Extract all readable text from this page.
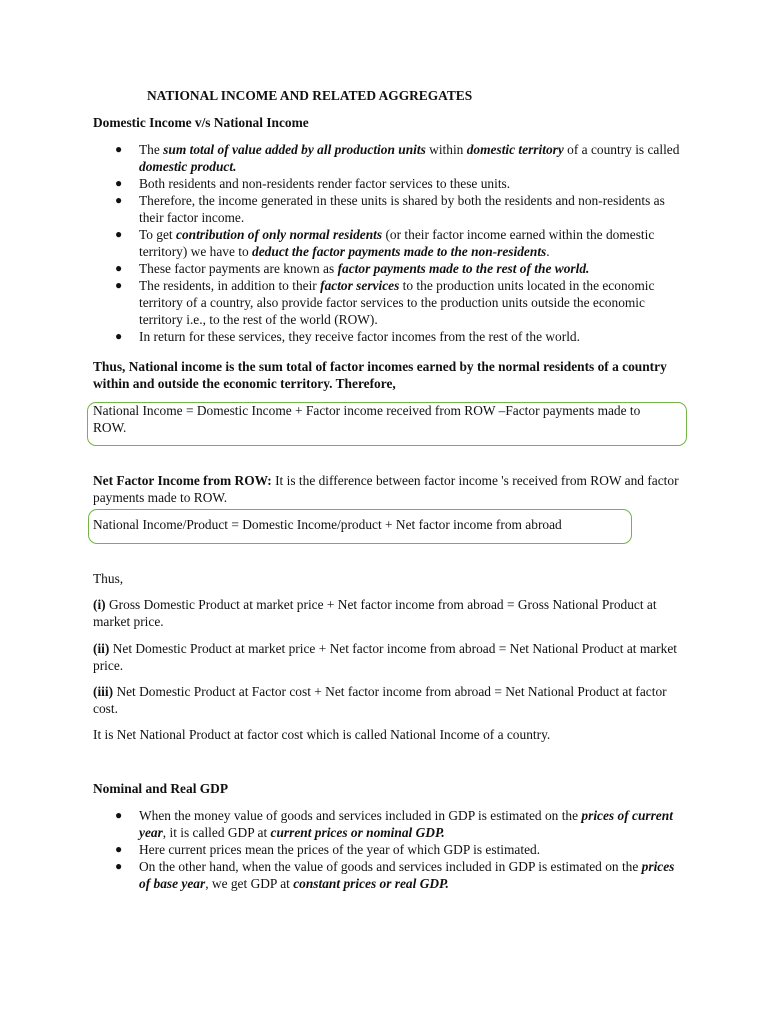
NATIONAL INCOME AND RELATED AGGREGATES
Domestic Income v/s National Income
● The sum total of value added by all production units within domestic territory of a country is called domestic product.
● Both residents and non-residents render factor services to these units.
● Therefore, the income generated in these units is shared by both the residents and non-residents as their factor income.
● To get contribution of only normal residents (or their factor income earned within the domestic territory) we have to deduct the factor payments made to the non-residents.
● These factor payments are known as factor payments made to the rest of the world.
● The residents, in addition to their factor services to the production units located in the economic territory of a country, also provide factor services to the production units outside the economic territory i.e., to the rest of the world (ROW).
● In return for these services, they receive factor incomes from the rest of the world.

Thus, National income is the sum total of factor incomes earned by the normal residents of a country within and outside the economic territory. Therefore,

National Income = Domestic Income + Factor income received from ROW –Factor payments made to ROW.
Net Factor Income from ROW: It is the difference between factor income 's received from ROW and factor payments made to ROW.
National Income/Product = Domestic Income/product + Net factor income from abroad
Thus,
(i) Gross Domestic Product at market price + Net factor income from abroad = Gross National Product at market price.
(ii) Net Domestic Product at market price + Net factor income from abroad = Net National Product at market price.
(iii) Net Domestic Product at Factor cost + Net factor income from abroad = Net National Product at factor cost.
It is Net National Product at factor cost which is called National Income of a country.
Nominal and Real GDP
● When the money value of goods and services included in GDP is estimated on the prices of current year, it is called GDP at current prices or nominal GDP.
● Here current prices mean the prices of the year of which GDP is estimated.
● On the other hand, when the value of goods and services included in GDP is estimated on the prices of base year, we get GDP at constant prices or real GDP.
